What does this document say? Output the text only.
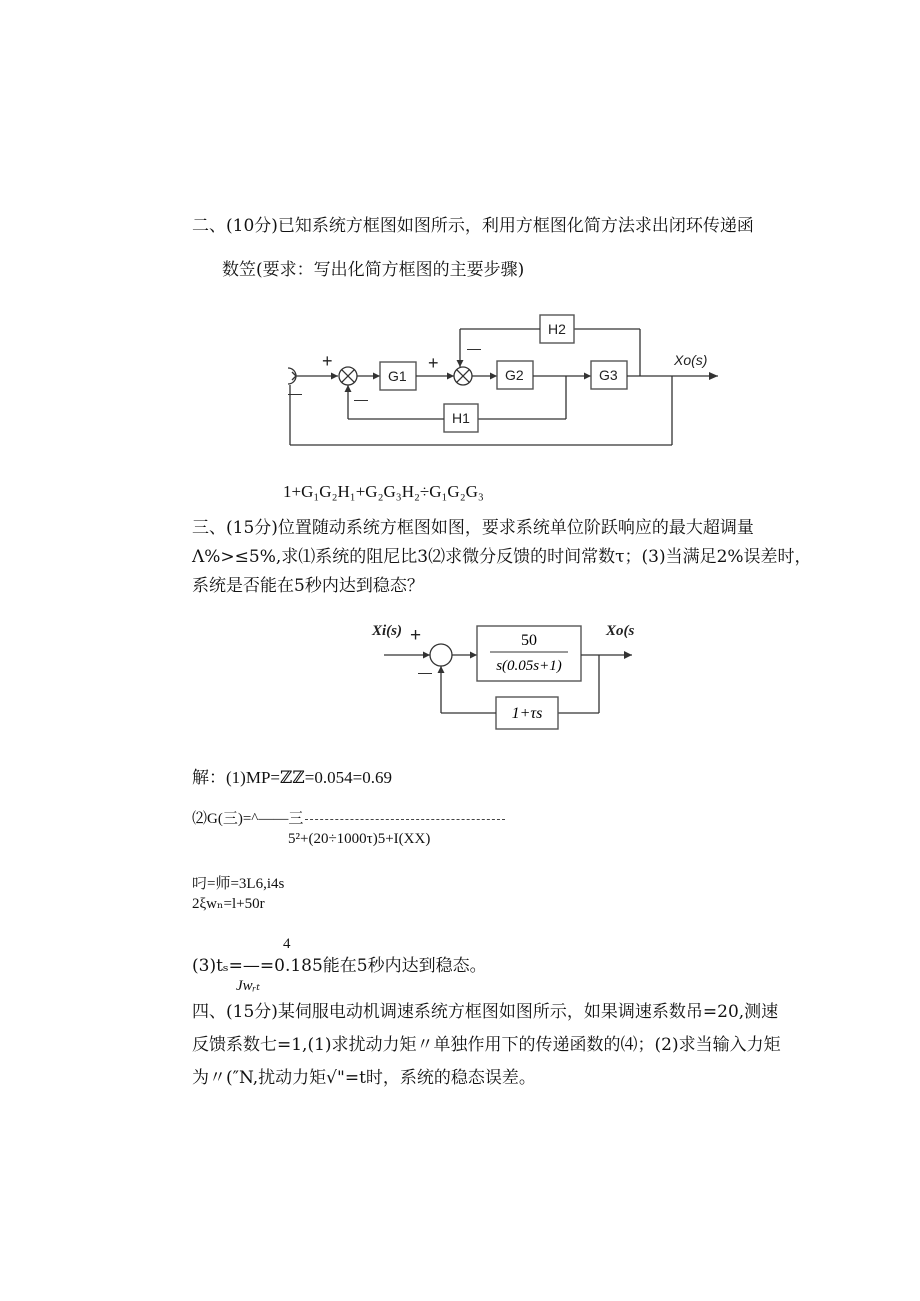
二、(10分)已知系统方框图如图所示，利用方框图化简方法求出闭环传递函
数笠(要求：写出化简方框图的主要步骤)
—
+
—
G1
+
—
G2	G3
Xo(s)
H1
H2
1+G₁G₂H₁+G₂G₃H₂÷G₁G₂G₃
三、(15分)位置随动系统方框图如图，要求系统单位阶跃响应的最大超调量
Λ%>≤5%,求⑴系统的阻尼比3⑵求微分反馈的时间常数τ；(3)当满足2%误差时，
系统是否能在5秒内达到稳态？
Xi(s) +
—
50
s(0.05s+1)
Xo(s
1+τs
解：(1)MP=ℤℤ=0.054=0.69
⑵G(三)=^——三
5²+(20÷1000τ)5+I(XX)
叼=师=3L6,i4s
2ξwₙ=l+50r
4
(3)tₛ=—=0.185能在5秒内达到稳态。
Jwᵣₜ
四、(15分)某伺服电动机调速系统方框图如图所示，如果调速系数吊=20,测速
反馈系数七=1,(1)求扰动力矩〃单独作用下的传递函数的⑷；(2)求当输入力矩
为〃(″N,扰动力矩√"=t时，系统的稳态误差。
